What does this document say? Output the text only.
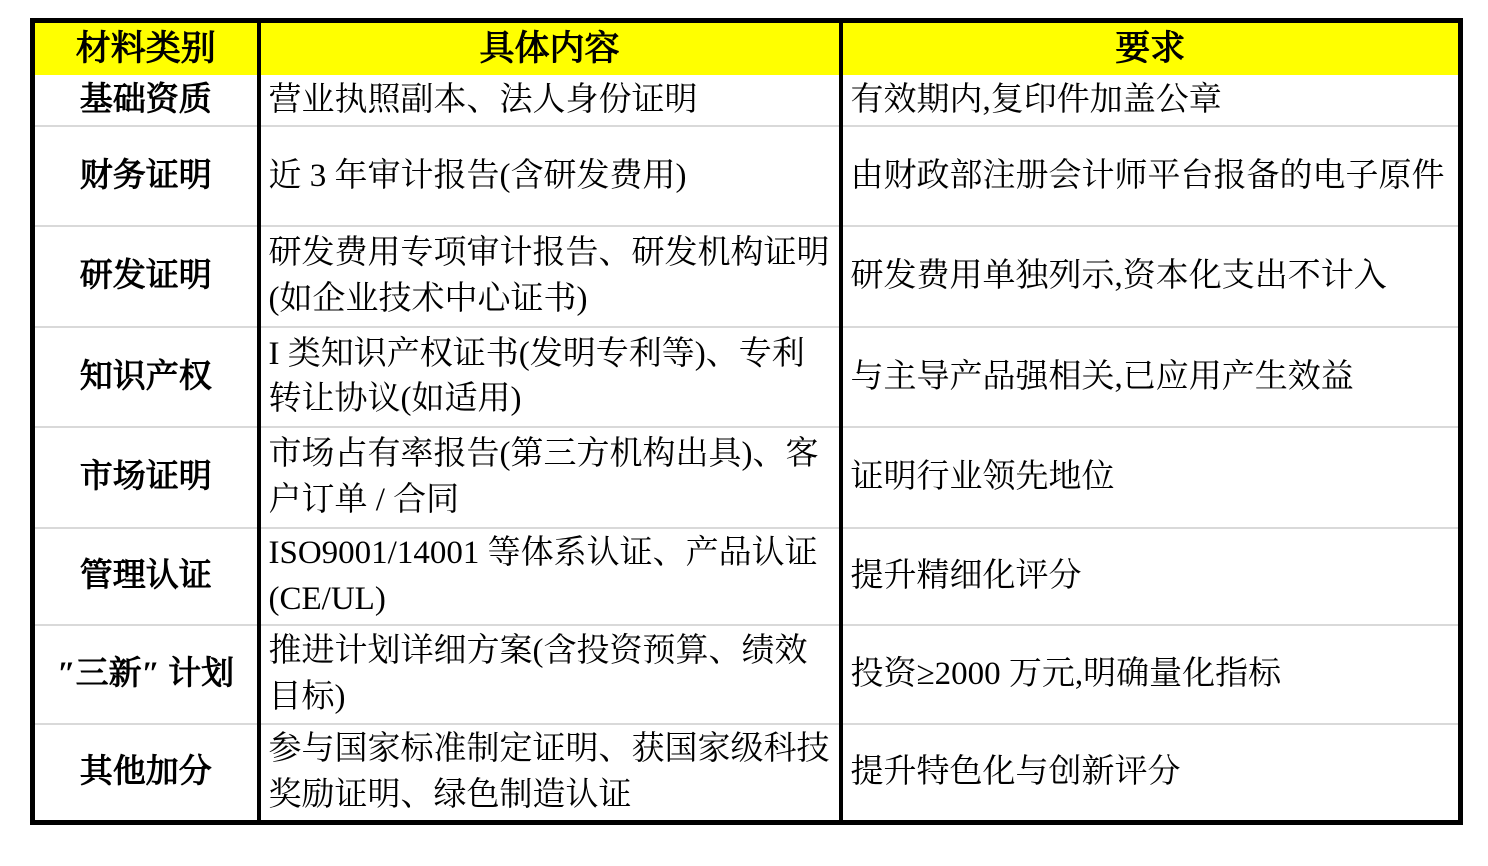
材料类别	具体内容	要求
基础资质	营业执照副本、法人身份证明	有效期内,复印件加盖公章
财务证明	近 3 年审计报告(含研发费用)	由财政部注册会计师平台报备的电子原件
研发证明	研发费用专项审计报告、研发机构证明(如企业技术中心证书)	研发费用单独列示,资本化支出不计入
知识产权	I 类知识产权证书(发明专利等)、专利转让协议(如适用)	与主导产品强相关,已应用产生效益
市场证明	市场占有率报告(第三方机构出具)、客户订单 / 合同	证明行业领先地位
管理认证	ISO9001/14001 等体系认证、产品认证(CE/UL)	提升精细化评分
″三新″ 计划	推进计划详细方案(含投资预算、绩效目标)	投资≥2000 万元,明确量化指标
其他加分	参与国家标准制定证明、获国家级科技奖励证明、绿色制造认证	提升特色化与创新评分
